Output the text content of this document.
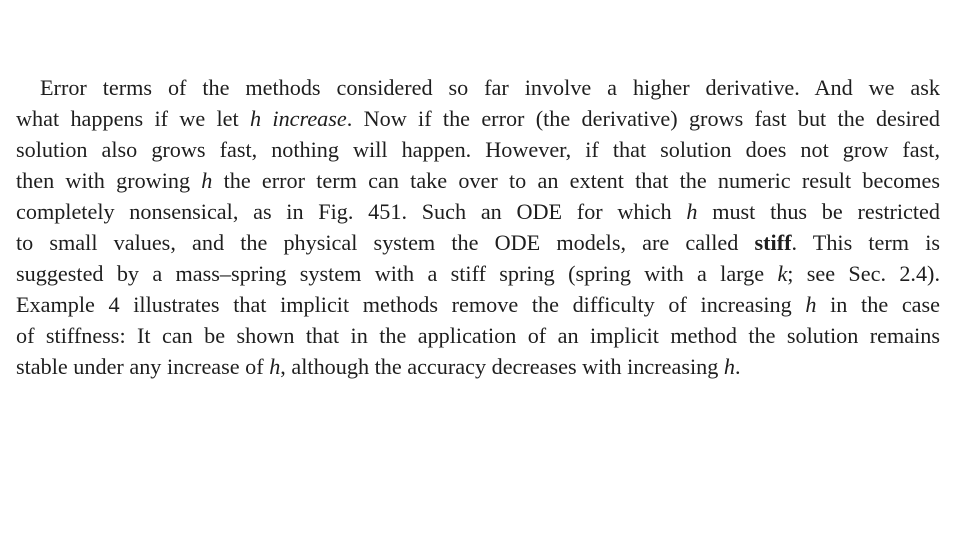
Error terms of the methods considered so far involve a higher derivative. And we ask
what happens if we let h increase. Now if the error (the derivative) grows fast but the desired
solution also grows fast, nothing will happen. However, if that solution does not grow fast,
then with growing h the error term can take over to an extent that the numeric result becomes
completely nonsensical, as in Fig. 451. Such an ODE for which h must thus be restricted
to small values, and the physical system the ODE models, are called stiff. This term is
suggested by a mass–spring system with a stiff spring (spring with a large k; see Sec. 2.4).
Example 4 illustrates that implicit methods remove the difficulty of increasing h in the case
of stiffness: It can be shown that in the application of an implicit method the solution remains
stable under any increase of h, although the accuracy decreases with increasing h.
